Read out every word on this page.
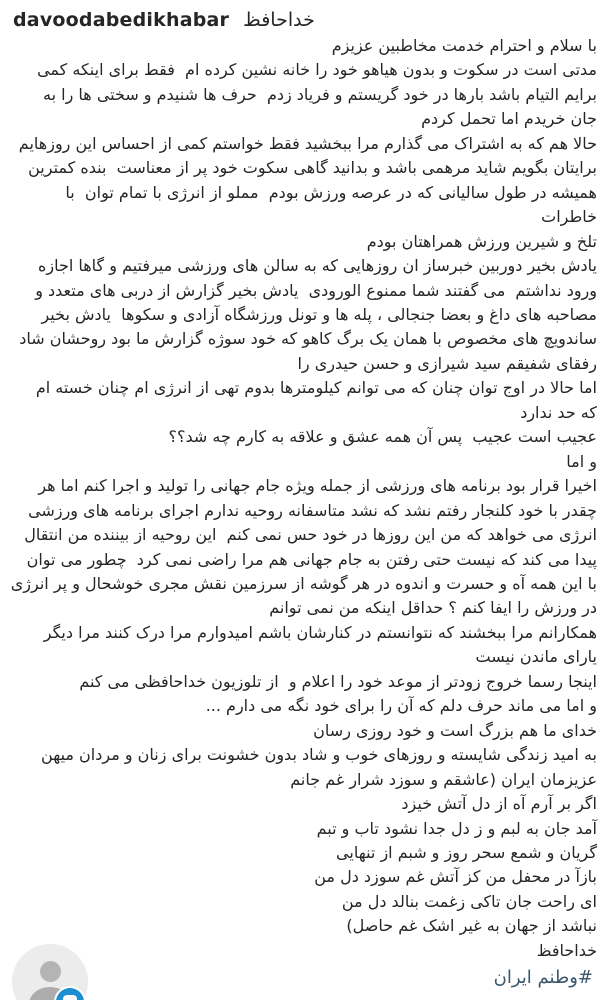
davoodabedikhabar خداحافظ
با سلام و احترام خدمت مخاطبین عزیزم
مدتی است در سکوت و بدون هیاهو خود را خانه نشین کرده ام  فقط برای اینکه کمی
برایم التیام باشد بارها در خود گریستم و فریاد زدم  حرف ها شنیدم و سختی ها را به
جان خریدم اما تحمل کردم
حالا هم که به اشتراک می گذارم مرا ببخشید فقط خواستم کمی از احساس این روزهایم
برایتان بگویم شاید مرهمی باشد و بدانید گاهی سکوت خود پر از معناست  بنده کمترین
همیشه در طول سالیانی که در عرصه ورزش بودم  مملو از انرژی با تمام توان  با خاطرات
تلخ و شیرین ورزش همراهتان بودم
یادش بخیر دوربین خبرساز ان روزهایی که به سالن های ورزشی میرفتیم و گاها اجازه
ورود نداشتم  می گفتند شما ممنوع الورودی  یادش بخیر گزارش از دربی های متعدد و
مصاحبه های داغ و بعضا جنجالی ، پله ها و تونل ورزشگاه آزادی و سکوها  یادش بخیر
ساندویچ های مخصوص با همان یک برگ کاهو که خود سوژه گزارش ما بود روحشان شاد
رفقای شفیقم سید شیرازی و حسن حیدری را
اما حالا در اوج توان چنان که می توانم کیلومترها بدوم تهی از انرژی ام چنان خسته ام
که حد ندارد
عجیب است عجیب  پس آن همه عشق و علاقه به کارم چه شد؟؟
و اما
اخیرا قرار بود برنامه های ورزشی از جمله ویژه جام جهانی را تولید و اجرا کنم اما هر
چقدر با خود کلنجار رفتم نشد که نشد متاسفانه روحیه ندارم اجرای برنامه های ورزشی
انرژی می خواهد که من این روزها در خود حس نمی کنم  این روحیه از بیننده من انتقال
پیدا می کند که نیست حتی رفتن به جام جهانی هم مرا راضی نمی کرد  چطور می توان
با این همه آه و حسرت و اندوه در هر گوشه از سرزمین نقش مجری خوشحال و پر انرژی
در ورزش را ایفا کنم ؟ حداقل اینکه من نمی توانم
همکارانم مرا ببخشند که نتوانستم در کنارشان باشم امیدوارم مرا درک کنند مرا دیگر
یارای ماندن نیست
اینجا رسما خروج زودتر از موعد خود را اعلام و  از تلوزیون خداحافظی می کنم
و اما می ماند حرف دلم که آن را برای خود نگه می دارم ...
خدای ما هم بزرگ است و خود روزی رسان
به امید زندگی شایسته و روزهای خوب و شاد بدون خشونت برای زنان و مردان میهن
عزیزمان ایران (عاشقم و سوزد شرار غم جانم
اگر بر آرم آه از دل آتش خیزد
آمد جان به لبم و ز دل جدا نشود تاب و تبم
گریان و شمع سحر روز و شبم از تنهایی
بازآ در محفل من کز آتش غم سوزد دل من
ای راحت جان تاکی زغمت بنالد دل من
نباشد از جهان به غیر اشک غم حاصل)
خداحافظ
#وطنم ایران
